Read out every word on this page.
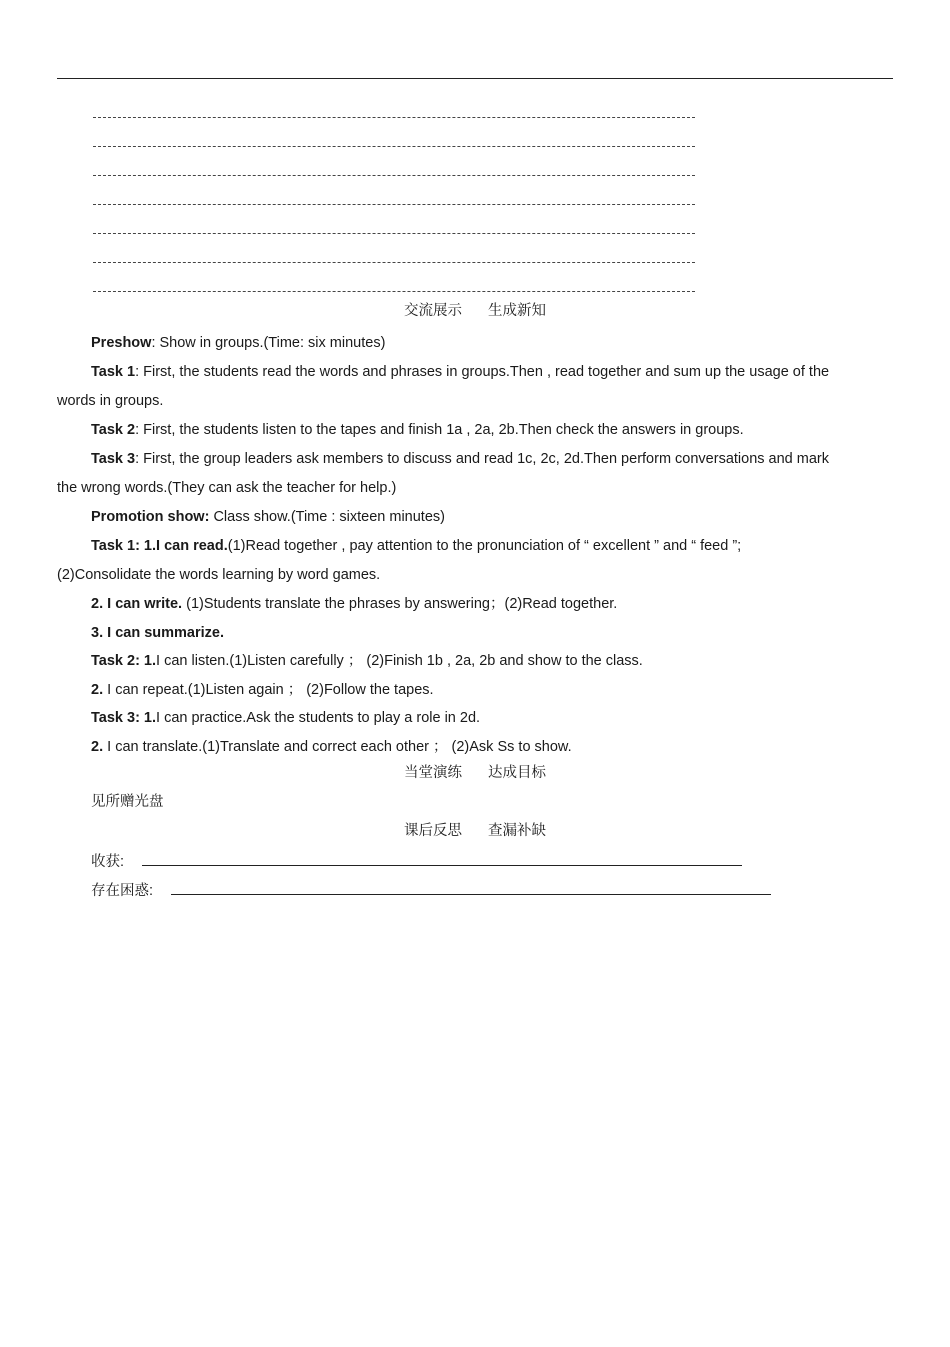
交流展示 生成新知
Preshow: Show in groups.(Time: six minutes)
Task 1: First, the students read the words and phrases in groups.Then , read together and sum up the usage of the
words in groups.
Task 2: First, the students listen to the tapes and finish 1a , 2a, 2b.Then check the answers in groups.
Task 3: First, the group leaders ask members to discuss and read 1c, 2c, 2d.Then perform conversations and mark
the wrong words.(They can ask the teacher for help.)
Promotion show: Class show.(Time : sixteen minutes)
Task 1: 1.I can read.(1)Read together , pay attention to the pronunciation of “ excellent ” and “ feed ”;
(2)Consolidate the words learning by word games.
2. I can write. (1)Students translate the phrases by answering；(2)Read together.
3. I can summarize.
Task 2: 1.I can listen.(1)Listen carefully ； (2)Finish 1b , 2a, 2b and show to the class.
2. I can repeat.(1)Listen again ； (2)Follow the tapes.
Task 3: 1.I can practice.Ask the students to play a role in 2d.
2. I can translate.(1)Translate and correct each other ； (2)Ask Ss to show.
当堂演练 达成目标
见所赠光盘
课后反思 查漏补缺
收获:
存在困惑:
